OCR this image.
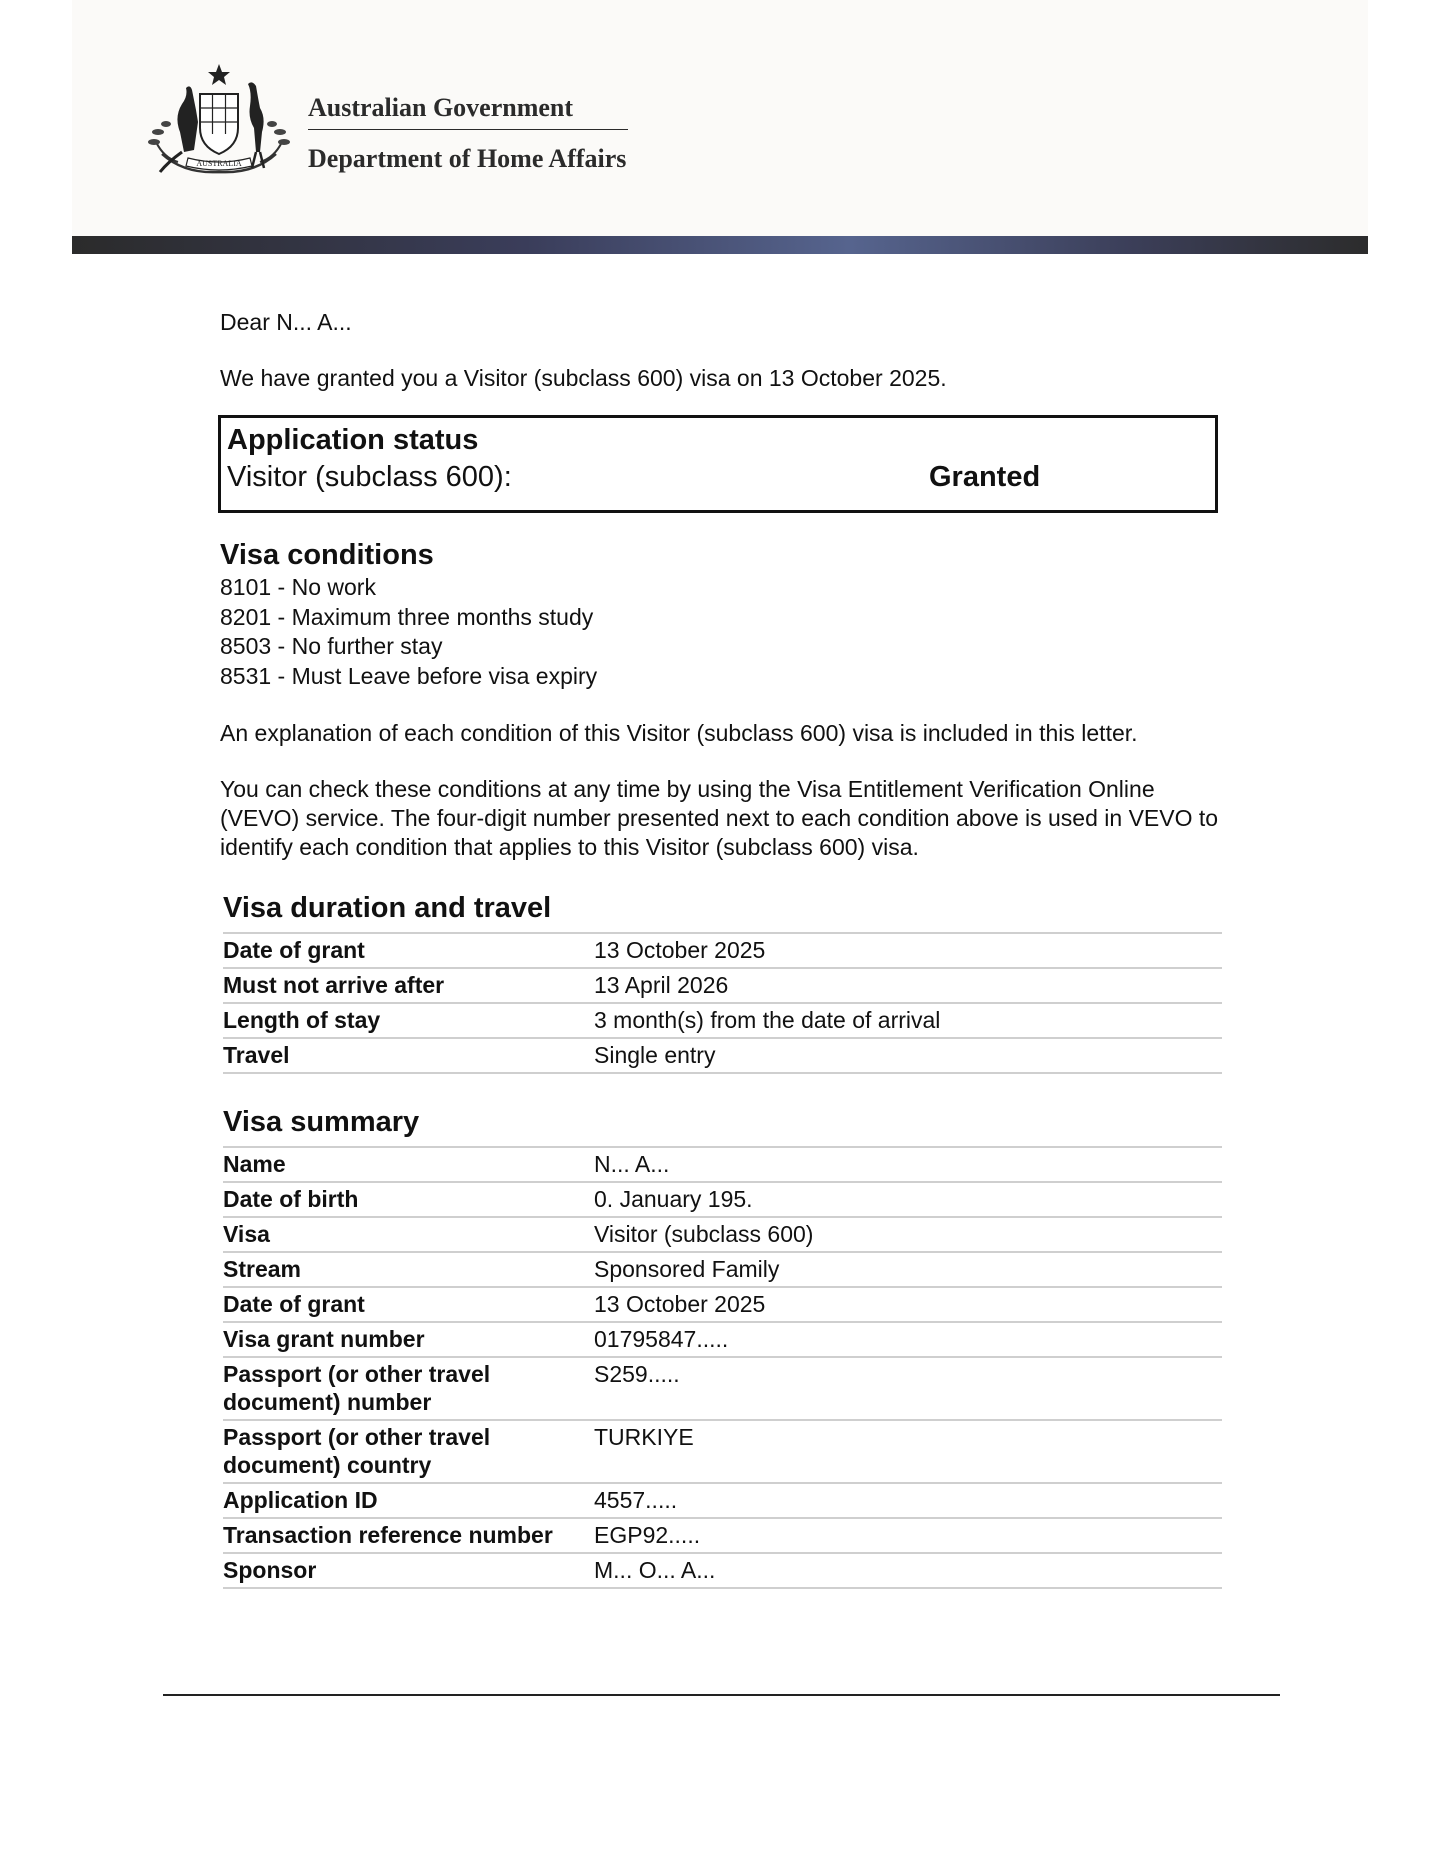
AUSTRALIA
Australian Government
Department of Home Affairs

Dear N... A...

We have granted you a Visitor (subclass 600) visa on 13 October 2025.

Application status
Visitor (subclass 600):	Granted
Visa conditions
8101 - No work
8201 - Maximum three months study
8503 - No further stay
8531 - Must Leave before visa expiry

An explanation of each condition of this Visitor (subclass 600) visa is included in this letter.

You can check these conditions at any time by using the Visa Entitlement Verification Online (VEVO) service. The four-digit number presented next to each condition above is used in VEVO to identify each condition that applies to this Visitor (subclass 600) visa.

Visa duration and travel
Date of grant	13 October 2025
Must not arrive after	13 April 2026
Length of stay	3 month(s) from the date of arrival
Travel	Single entry
Visa summary
Name	N... A...
Date of birth	0. January 195.
Visa	Visitor (subclass 600)
Stream	Sponsored Family
Date of grant	13 October 2025
Visa grant number	01795847.....
Passport (or other travel document) number	S259.....
Passport (or other travel document) country	TURKIYE
Application ID	4557.....
Transaction reference number	EGP92.....
Sponsor	M... O... A...
